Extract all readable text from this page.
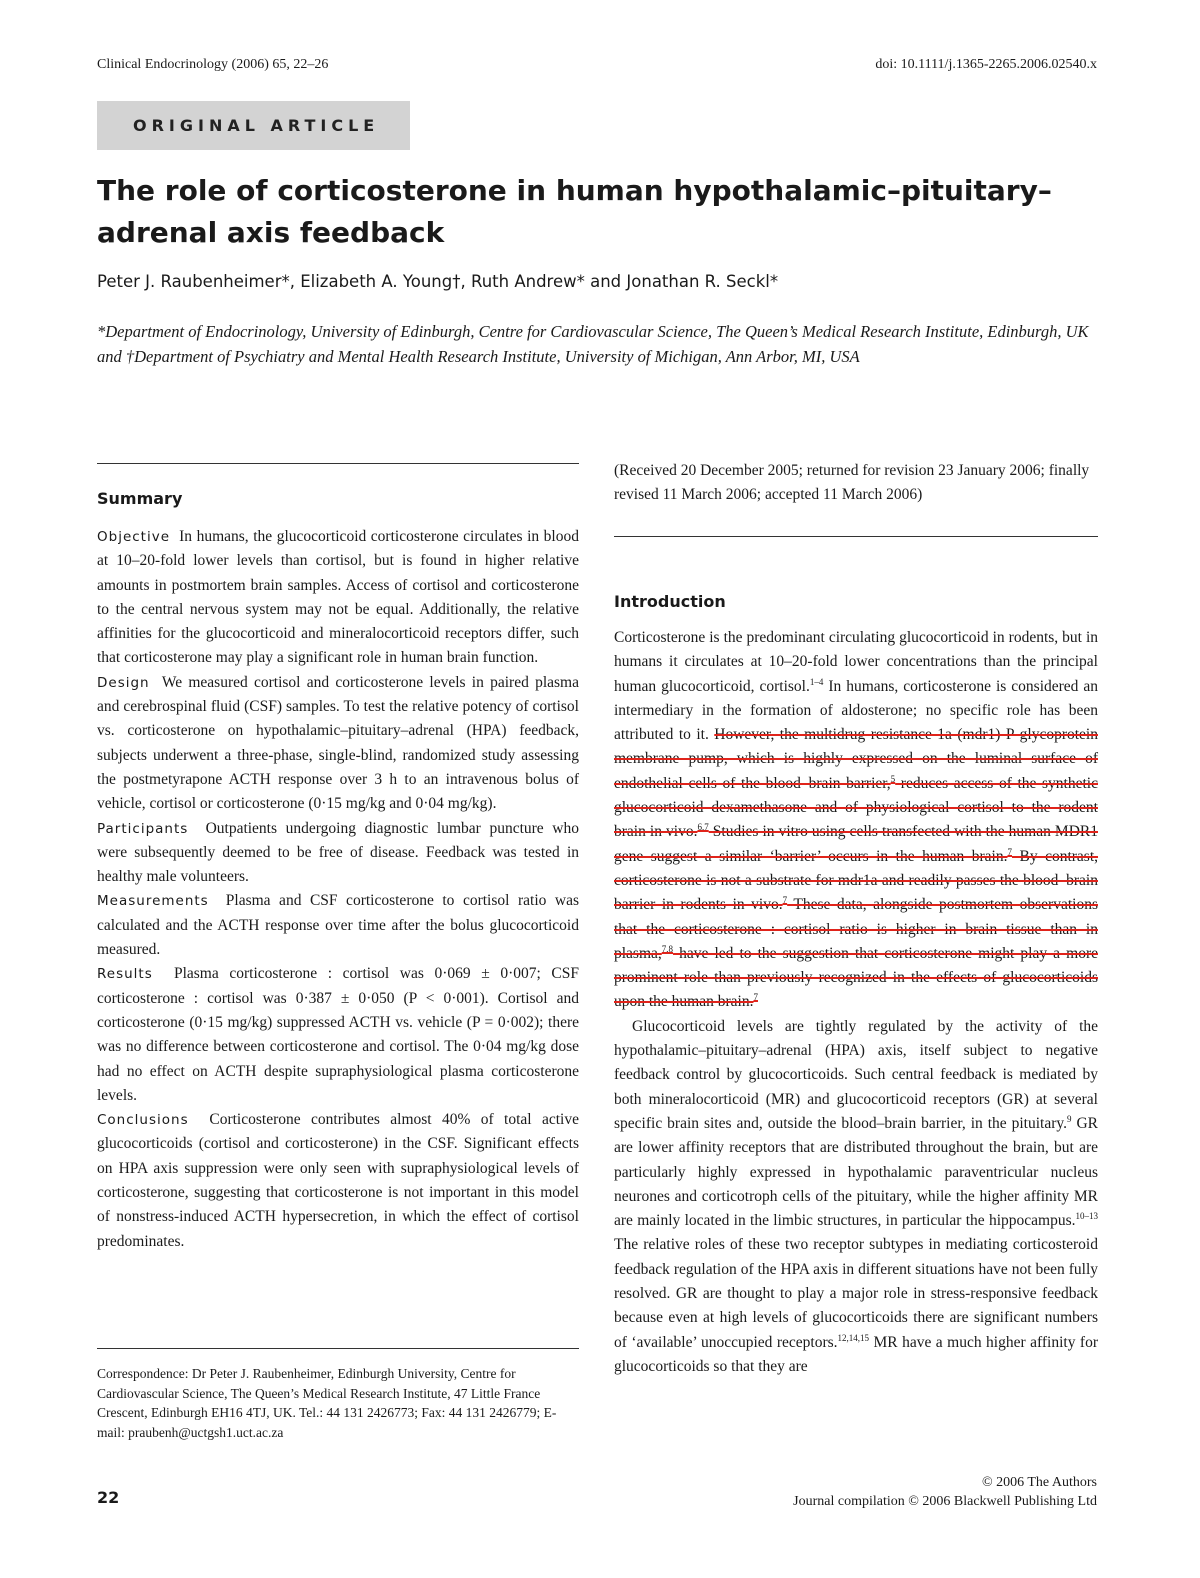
Clinical Endocrinology (2006) 65, 22–26	doi: 10.1111/j.1365-2265.2006.02540.x
ORIGINAL ARTICLE
The role of corticosterone in human hypothalamic–pituitary–adrenal axis feedback
Peter J. Raubenheimer*, Elizabeth A. Young†, Ruth Andrew* and Jonathan R. Seckl*
*Department of Endocrinology, University of Edinburgh, Centre for Cardiovascular Science, The Queen’s Medical Research Institute, Edinburgh, UK and †Department of Psychiatry and Mental Health Research Institute, University of Michigan, Ann Arbor, MI, USA
Summary

Objective In humans, the glucocorticoid corticosterone circulates in blood at 10–20-fold lower levels than cortisol, but is found in higher relative amounts in postmortem brain samples. Access of cortisol and corticosterone to the central nervous system may not be equal. Additionally, the relative affinities for the glucocorticoid and mineralocorticoid receptors differ, such that corticosterone may play a significant role in human brain function.

Design We measured cortisol and corticosterone levels in paired plasma and cerebrospinal fluid (CSF) samples. To test the relative potency of cortisol vs. corticosterone on hypothalamic–pituitary–adrenal (HPA) feedback, subjects underwent a three-phase, single-blind, randomized study assessing the postmetyrapone ACTH response over 3 h to an intravenous bolus of vehicle, cortisol or corticosterone (0·15 mg/kg and 0·04 mg/kg).

Participants Outpatients undergoing diagnostic lumbar puncture who were subsequently deemed to be free of disease. Feedback was tested in healthy male volunteers.

Measurements Plasma and CSF corticosterone to cortisol ratio was calculated and the ACTH response over time after the bolus glucocorticoid measured.

Results Plasma corticosterone : cortisol was 0·069 ± 0·007; CSF corticosterone : cortisol was 0·387 ± 0·050 (P < 0·001). Cortisol and corticosterone (0·15 mg/kg) suppressed ACTH vs. vehicle (P = 0·002); there was no difference between corticosterone and cortisol. The 0·04 mg/kg dose had no effect on ACTH despite supraphysiological plasma corticosterone levels.

Conclusions Corticosterone contributes almost 40% of total active glucocorticoids (cortisol and corticosterone) in the CSF. Significant effects on HPA axis suppression were only seen with supraphysiological levels of corticosterone, suggesting that corticosterone is not important in this model of nonstress-induced ACTH hypersecretion, in which the effect of cortisol predominates.

Correspondence: Dr Peter J. Raubenheimer, Edinburgh University, Centre for Cardiovascular Science, The Queen’s Medical Research Institute, 47 Little France Crescent, Edinburgh EH16 4TJ, UK. Tel.: 44 131 2426773; Fax: 44 131 2426779; E-mail: praubenh@uctgsh1.uct.ac.za
(Received 20 December 2005; returned for revision 23 January 2006; finally revised 11 March 2006; accepted 11 March 2006)
Introduction

Corticosterone is the predominant circulating glucocorticoid in rodents, but in humans it circulates at 10–20-fold lower concentrations than the principal human glucocorticoid, cortisol.$^{1-4}$ In humans, corticosterone is considered an intermediary in the formation of aldosterone; no specific role has been attributed to it. However, the multidrug resistance 1a (mdr1) P-glycoprotein membrane pump, which is highly expressed on the luminal surface of endothelial cells of the blood–brain barrier,$^5$ reduces access of the synthetic glucocorticoid dexamethasone and of physiological cortisol to the rodent brain in vivo.$^{6,7}$ Studies in vitro using cells transfected with the human MDR1 gene suggest a similar ‘barrier’ occurs in the human brain.$^7$ By contrast, corticosterone is not a substrate for mdr1a and readily passes the blood–brain barrier in rodents in vivo.$^7$ These data, alongside postmortem observations that the corticosterone : cortisol ratio is higher in brain tissue than in plasma,$^{7,8}$ have led to the suggestion that corticosterone might play a more prominent role than previously recognized in the effects of glucocorticoids upon the human brain.$^7$

Glucocorticoid levels are tightly regulated by the activity of the hypothalamic–pituitary–adrenal (HPA) axis, itself subject to negative feedback control by glucocorticoids. Such central feedback is mediated by both mineralocorticoid (MR) and glucocorticoid receptors (GR) at several specific brain sites and, outside the blood–brain barrier, in the pituitary.$^9$ GR are lower affinity receptors that are distributed throughout the brain, but are particularly highly expressed in hypothalamic paraventricular nucleus neurones and corticotroph cells of the pituitary, while the higher affinity MR are mainly located in the limbic structures, in particular the hippocampus.$^{10-13}$ The relative roles of these two receptor subtypes in mediating corticosteroid feedback regulation of the HPA axis in different situations have not been fully resolved. GR are thought to play a major role in stress-responsive feedback because even at high levels of glucocorticoids there are significant numbers of ‘available’ unoccupied receptors.$^{12,14,15}$ MR have a much higher affinity for glucocorticoids so that they are

22
© 2006 The Authors
Journal compilation © 2006 Blackwell Publishing Ltd
